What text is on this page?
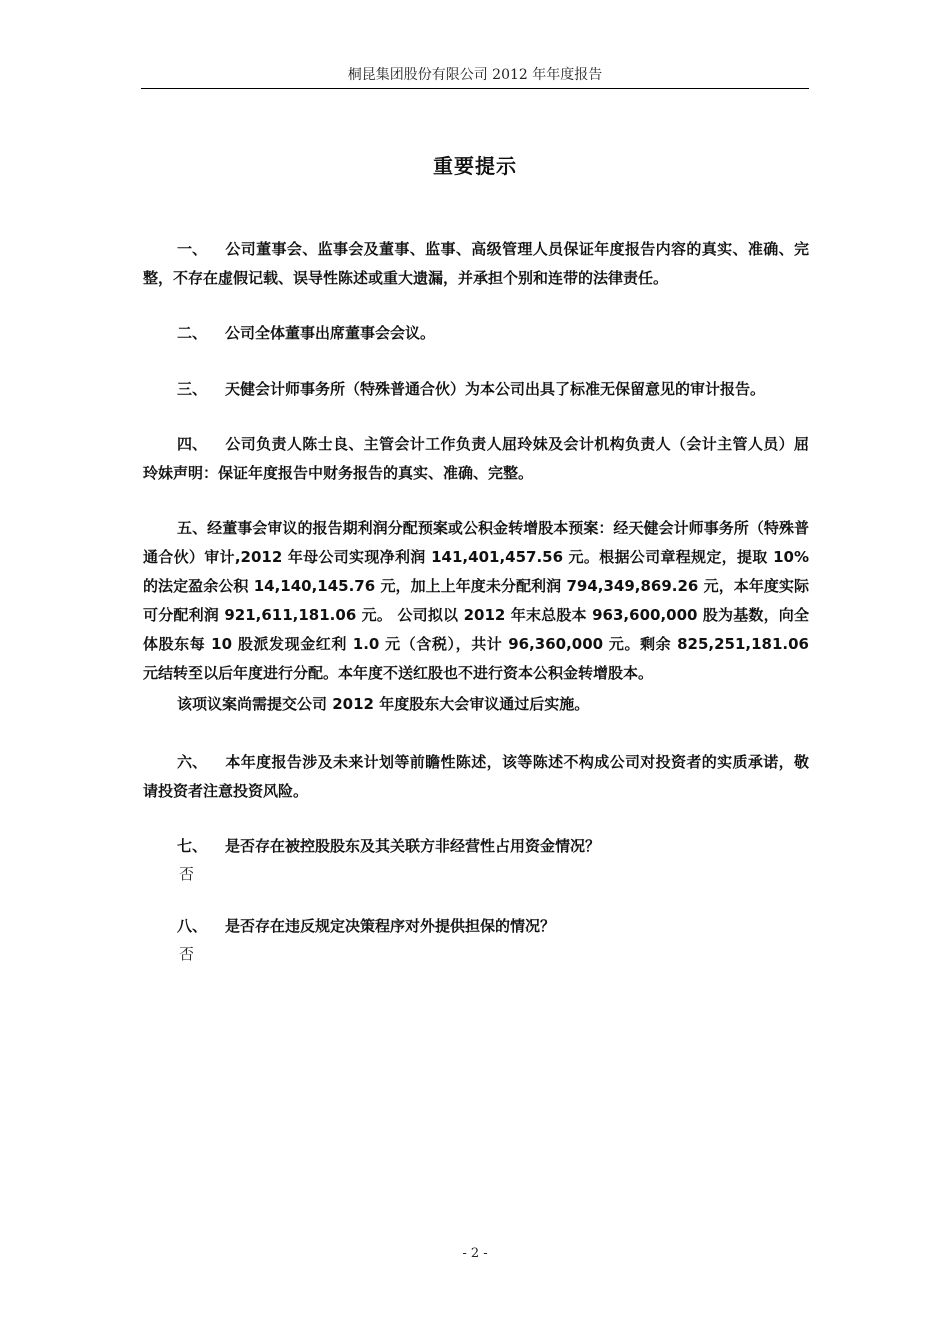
桐昆集团股份有限公司 2012 年年度报告
重要提示

一、 公司董事会、监事会及董事、监事、高级管理人员保证年度报告内容的真实、准确、完整，不存在虚假记载、误导性陈述或重大遗漏，并承担个别和连带的法律责任。

二、 公司全体董事出席董事会会议。

三、 天健会计师事务所（特殊普通合伙）为本公司出具了标准无保留意见的审计报告。

四、 公司负责人陈士良、主管会计工作负责人屈玲妹及会计机构负责人（会计主管人员）屈玲妹声明：保证年度报告中财务报告的真实、准确、完整。

五、经董事会审议的报告期利润分配预案或公积金转增股本预案：经天健会计师事务所（特殊普通合伙）审计,2012 年母公司实现净利润 141,401,457.56 元。根据公司章程规定，提取 10%的法定盈余公积 14,140,145.76 元，加上上年度未分配利润 794,349,869.26 元，本年度实际可分配利润 921,611,181.06 元。 公司拟以 2012 年末总股本 963,600,000 股为基数，向全体股东每 10 股派发现金红利 1.0 元（含税），共计 96,360,000 元。剩余 825,251,181.06 元结转至以后年度进行分配。本年度不送红股也不进行资本公积金转增股本。

该项议案尚需提交公司 2012 年度股东大会审议通过后实施。

六、 本年度报告涉及未来计划等前瞻性陈述，该等陈述不构成公司对投资者的实质承诺，敬请投资者注意投资风险。

七、 是否存在被控股股东及其关联方非经营性占用资金情况？

否

八、 是否存在违反规定决策程序对外提供担保的情况？

否
- 2 -
